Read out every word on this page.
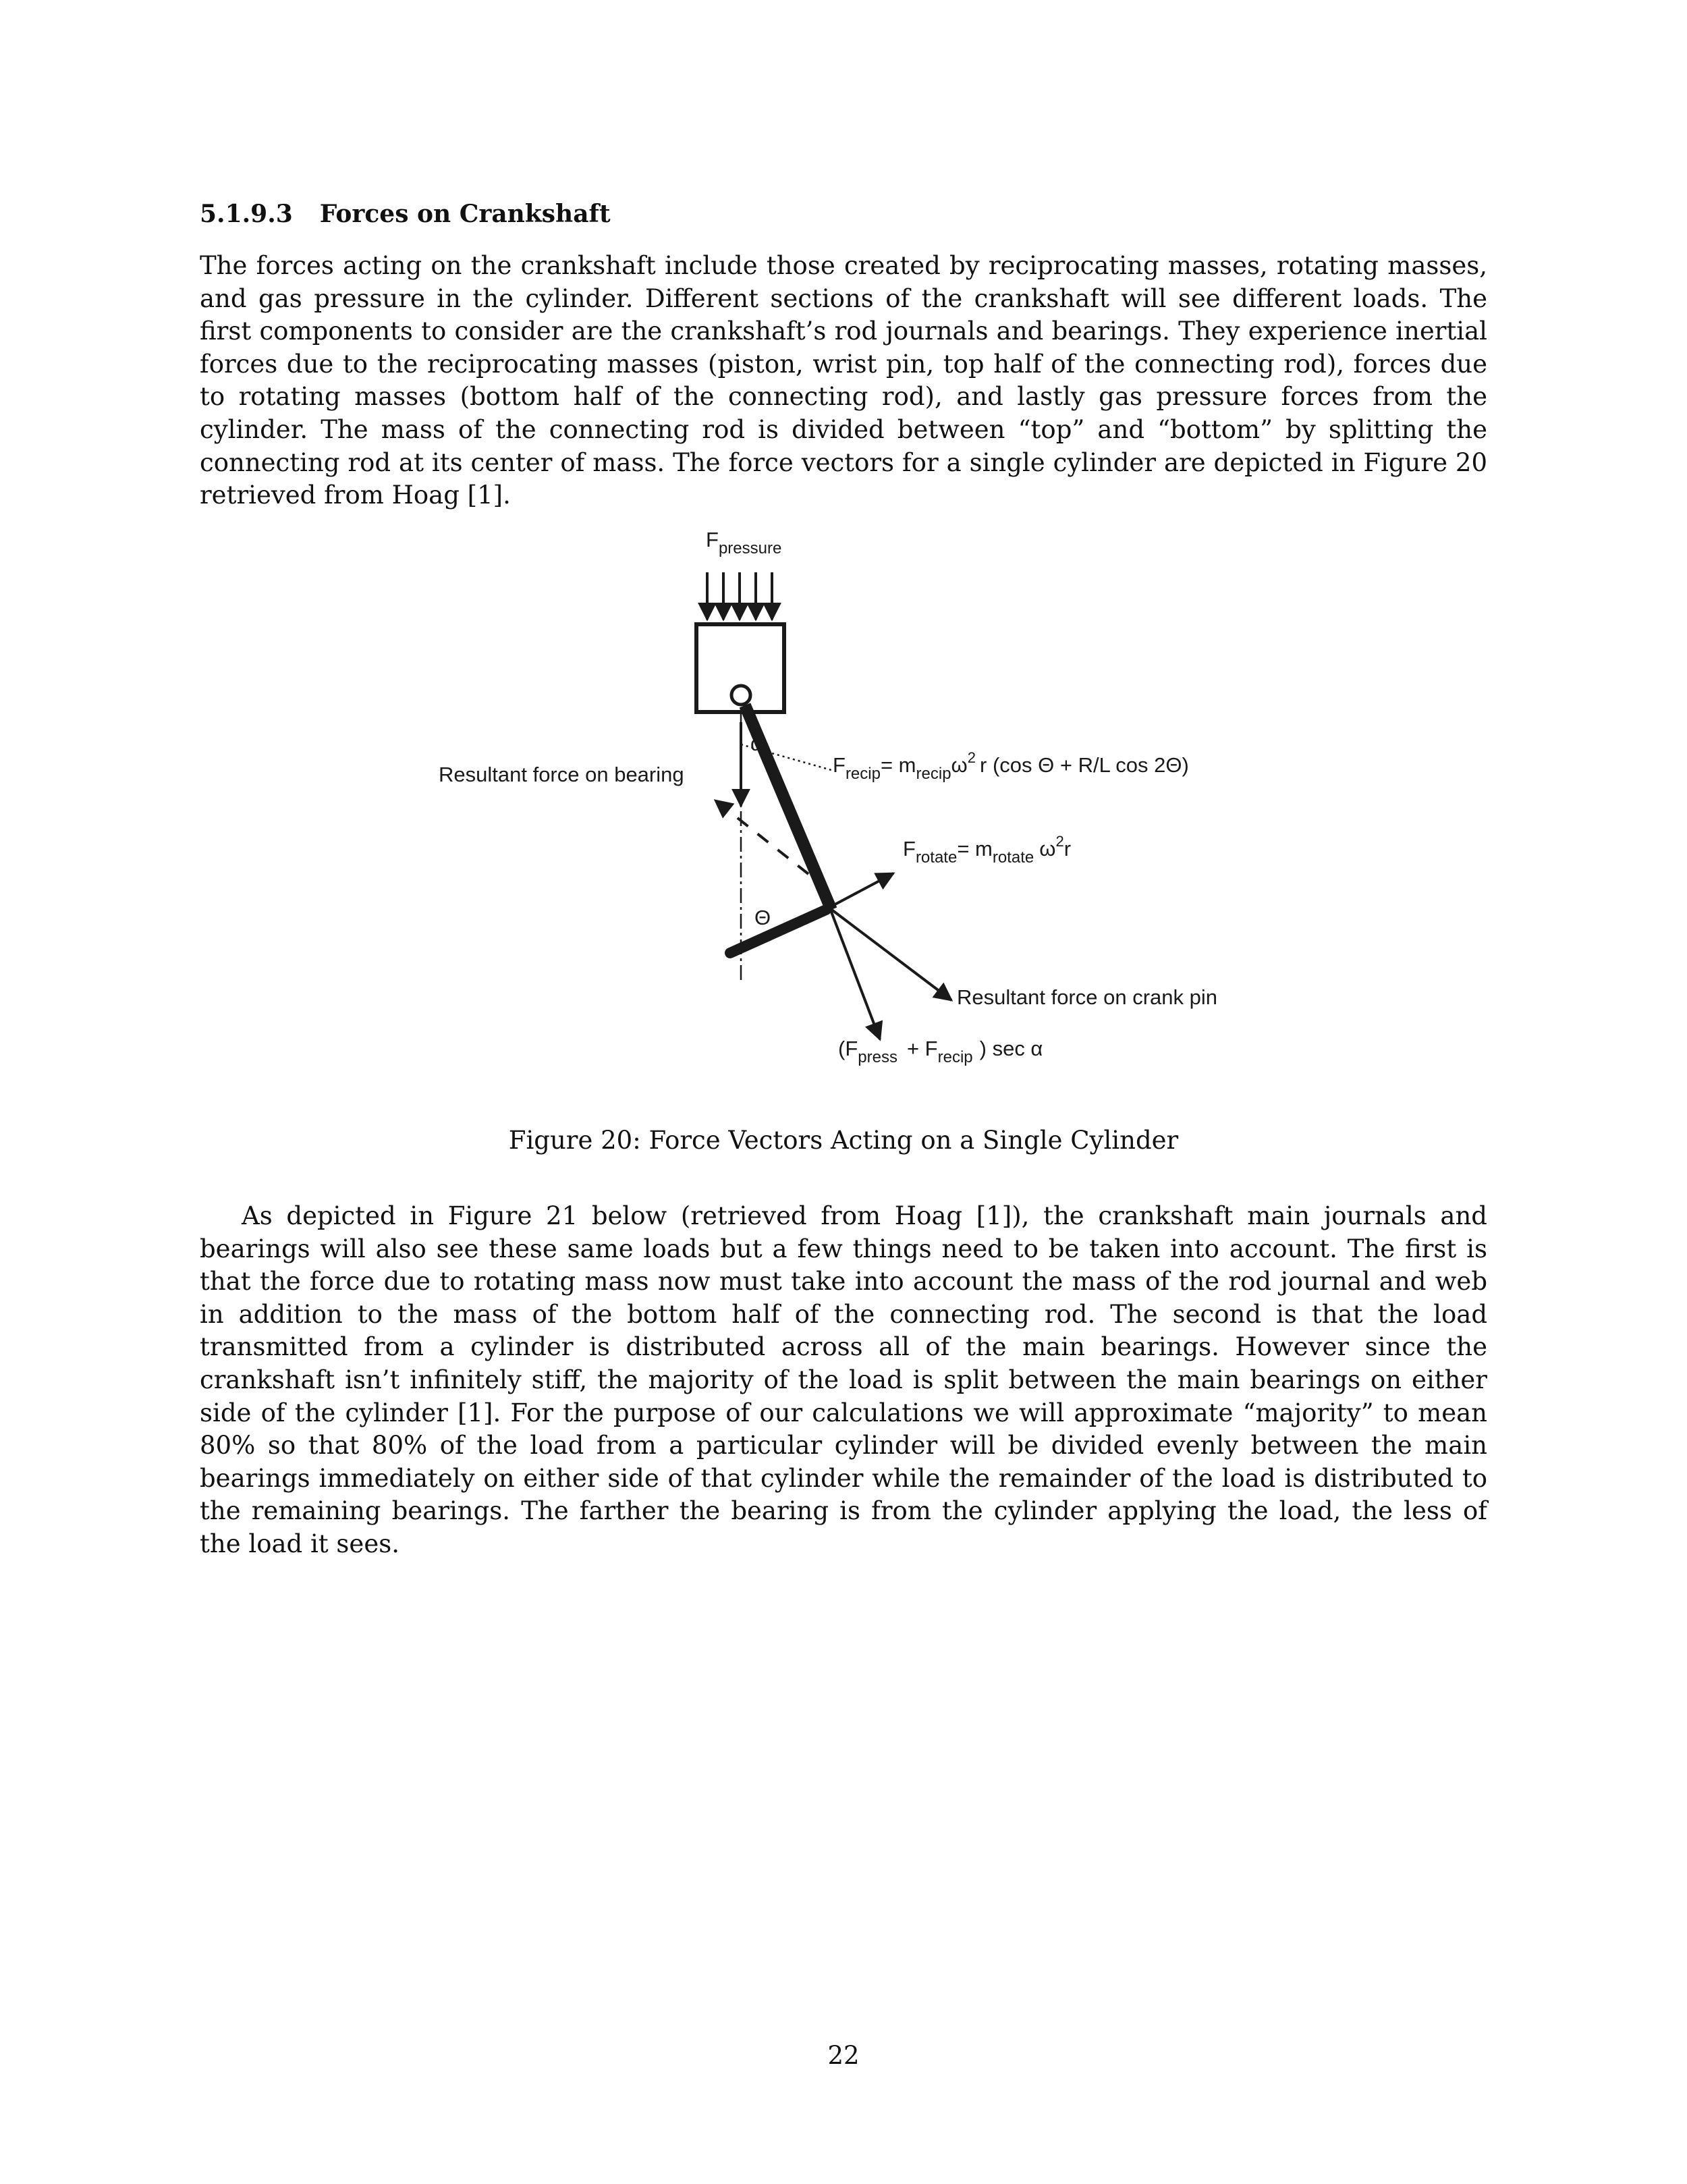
5.1.9.3 Forces on Crankshaft

The forces acting on the crankshaft include those created by reciprocating masses, rotating masses, and gas pressure in the cylinder. Different sections of the crankshaft will see different loads. The first components to consider are the crankshaft’s rod journals and bearings. They experience inertial forces due to the reciprocating masses (piston, wrist pin, top half of the connecting rod), forces due to rotating masses (bottom half of the connecting rod), and lastly gas pressure forces from the cylinder. The mass of the connecting rod is divided between “top” and “bottom” by splitting the connecting rod at its center of mass. The force vectors for a single cylinder are depicted in Figure 20 retrieved from Hoag [1].

$F_{pressure}$
α
Θ
Resultant force on bearing	$F_{recip}= m_{recip}\omega^2$ r (cos Θ + R/L cos 2Θ)
$F_{rotate}= m_{rotate}$ $\omega^2r$
Resultant force on crank pin
($F_{press} + F_{recip}$ ) sec α

Figure 20: Force Vectors Acting on a Single Cylinder

As depicted in Figure 21 below (retrieved from Hoag [1]), the crankshaft main journals and bearings will also see these same loads but a few things need to be taken into account. The first is that the force due to rotating mass now must take into account the mass of the rod journal and web in addition to the mass of the bottom half of the connecting rod. The second is that the load transmitted from a cylinder is distributed across all of the main bearings. However since the crankshaft isn’t infinitely stiff, the majority of the load is split between the main bearings on either side of the cylinder [1]. For the purpose of our calculations we will approximate “majority” to mean 80% so that 80% of the load from a particular cylinder will be divided evenly between the main bearings immediately on either side of that cylinder while the remainder of the load is distributed to the remaining bearings. The farther the bearing is from the cylinder applying the load, the less of the load it sees.

22
